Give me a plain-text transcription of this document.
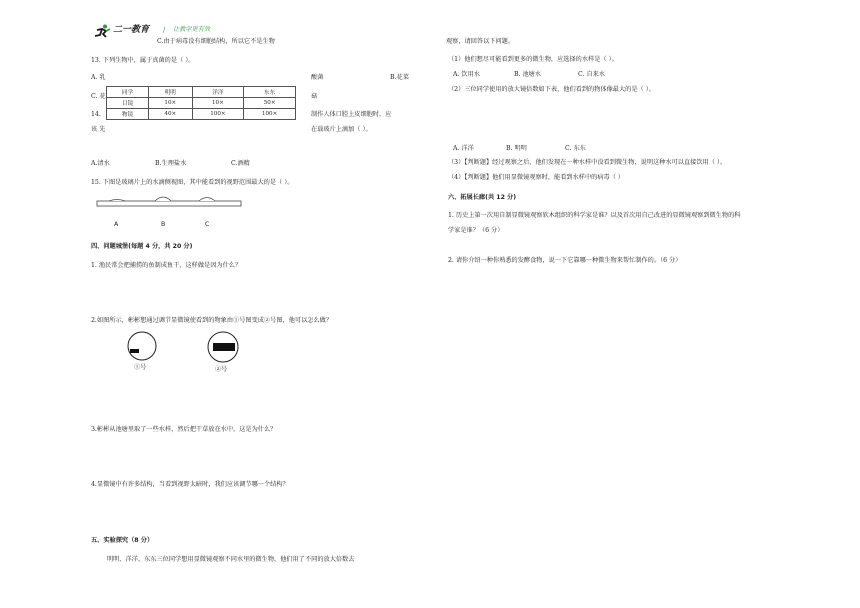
二一教育 / 让教学更有效
C.由于病毒没有细胞结构，所以它不是生物
13. 下列生物中，属于真菌的是（ ）。
A. 乳	酸菌	B.花菜
C. 花	菇
同学	明明	洋洋	东东
目镜	10×	10×	50×
物镜	40×	100×	100×
14.	制作人体口腔上皮细胞时，应
该 先	在载玻片上滴加（ ）。
A.清水	B.生理盐水	C.酒精
15. 下图是玻璃片上的水滴侧视图，其中能看到的视野范围最大的是（ ）。
A	B	C
四、问题城堡(每题 4 分，共 20 分)
1. 渔民常会把捕捞的鱼制成鱼干，这样做是因为什么？
2.如图所示，彬彬想通过调节显微镜使看到的物象由①号图变成②号图，他可以怎么做？
①号	②号
3.彬彬从池塘里取了一些水样，然后把干草放在水中，这是为什么？
4.显微镜中有许多结构，当看到视野太暗时，我们应该调节哪一个结构？
五、实验探究（8 分）
明明、洋洋、东东三位同学想用显微镜观察不同水里的微生物，他们用了不同的放大倍数去
观察，请回答以下问题。
（1）他们想尽可能看到更多的微生物，应选择的水样是（ ）。
A. 饮用水	B. 池塘水	C. 自来水
（2）三位同学使用的放大镜倍数如下表，他们看到的物体像最大的是（ ）。
A. 洋洋	B. 明明	C. 东东
（3）【判断题】经过观察之后，他们发现在一种水样中没看到微生物，说明这种水可以直接饮用（ ）。
（4）【判断题】他们用显微镜观察时，能看到水样中的病毒（ ）
六、拓展长廊(共 12 分)
1. 历史上第一次用自制显微镜观察软木组织的科学家是谁？以及首次用自己改进的显微镜观察到微生物的科
学家是谁？（6 分）
2. 请你介绍一种你熟悉的发酵食物，说一下它靠哪一种微生物来帮忙制作的。（6 分）
